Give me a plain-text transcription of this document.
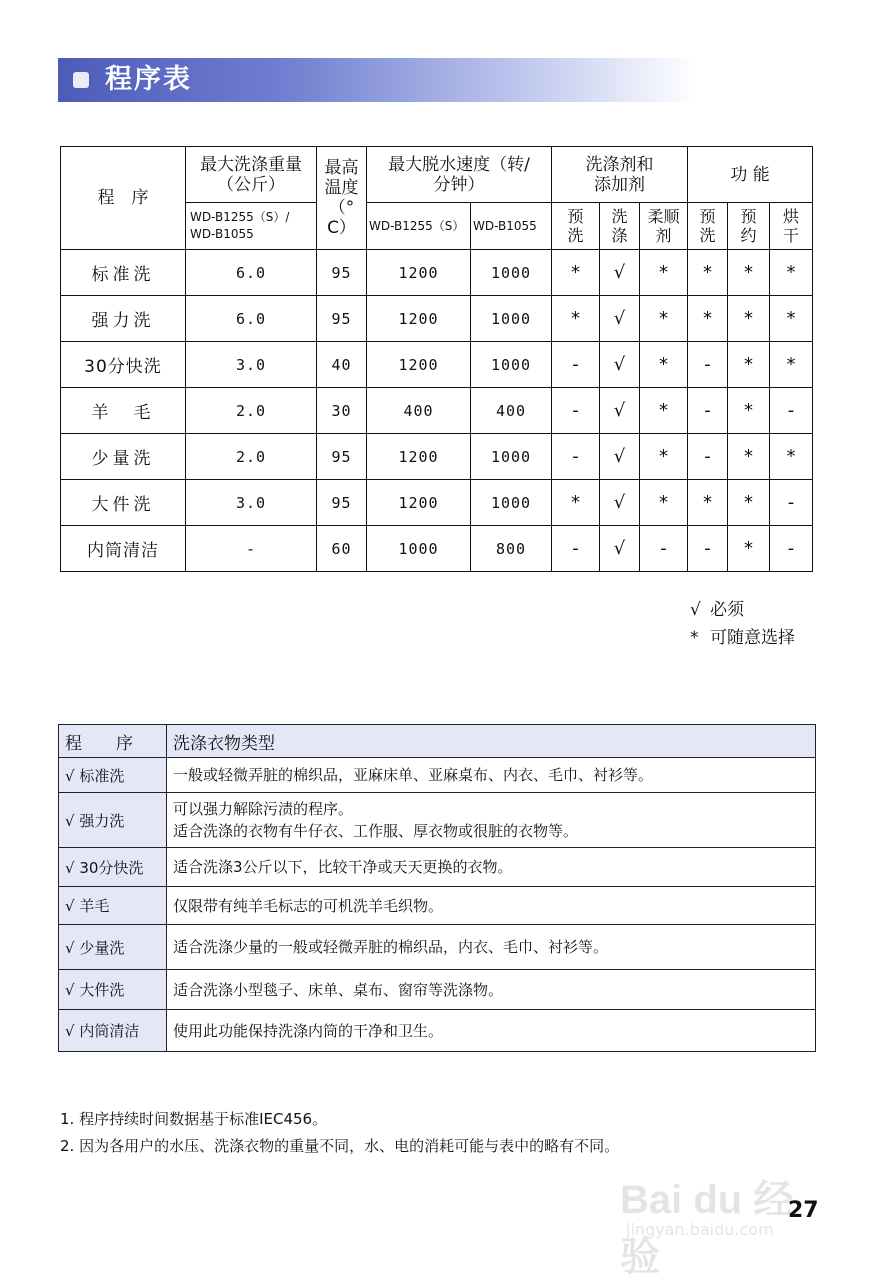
程序表
程　序	最大洗涤重量（公斤）	最高温度（°C）	最大脱水速度（转/分钟）		洗涤剂和添加剂			功 能		
	WD-B1255（S）/ WD-B1055		WD-B1255（S）	WD-B1055	预洗	洗涤	柔顺剂	预洗	预约	烘干
标准洗	6.0	95	1200	1000	*	√	*	*	*	*
强力洗	6.0	95	1200	1000	*	√	*	*	*	*
30分快洗	3.0	40	1200	1000	-	√	*	-	*	*
羊　毛	2.0	30	400	400	-	√	*	-	*	-
少量洗	2.0	95	1200	1000	-	√	*	-	*	*
大件洗	3.0	95	1200	1000	*	√	*	*	*	-
内筒清洁	-	60	1000	800	-	√	-	-	*	-
√ 必须
* 可随意选择
程　　序	洗涤衣物类型
√ 标准洗	一般或轻微弄脏的棉织品，亚麻床单、亚麻桌布、内衣、毛巾、衬衫等。
√ 强力洗	可以强力解除污渍的程序。
适合洗涤的衣物有牛仔衣、工作服、厚衣物或很脏的衣物等。

√ 30分快洗	适合洗涤3公斤以下，比较干净或天天更换的衣物。
√ 羊毛	仅限带有纯羊毛标志的可机洗羊毛织物。
√ 少量洗	适合洗涤少量的一般或轻微弄脏的棉织品，内衣、毛巾、衬衫等。
√ 大件洗	适合洗涤小型毯子、床单、桌布、窗帘等洗涤物。
√ 内筒清洁	使用此功能保持洗涤内筒的干净和卫生。
1. 程序持续时间数据基于标准IEC456。
2. 因为各用户的水压、洗涤衣物的重量不同，水、电的消耗可能与表中的略有不同。
Bai du 经验
jingyan.baidu.com
27
